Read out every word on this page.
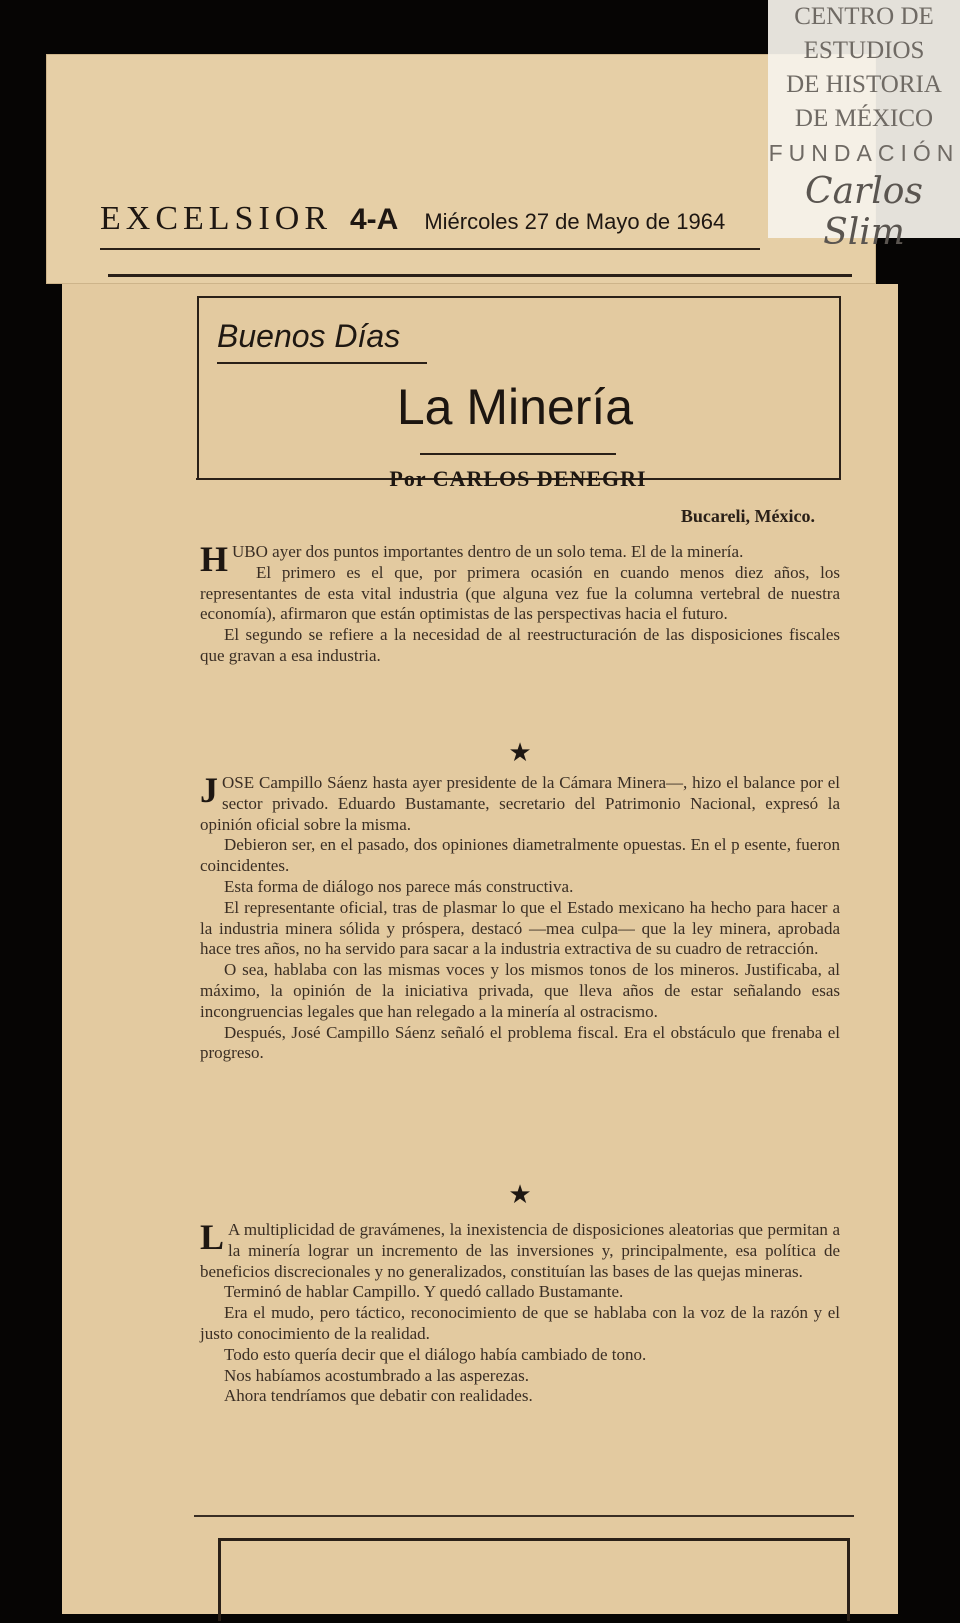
EXCELSIOR 4-A Miércoles 27 de Mayo de 1964
CENTRO DE
ESTUDIOS
DE HISTORIA
DE MÉXICO
FUNDACIÓN
Carlos Slim
Buenos Días
La Minería
Por CARLOS DENEGRI
Bucareli, México.

HUBO ayer dos puntos importantes dentro de un solo tema. El de la minería.

El primero es el que, por primera ocasión en cuando menos diez años, los representantes de esta vital industria (que alguna vez fue la columna vertebral de nuestra economía), afirmaron que están optimistas de las perspectivas hacia el futuro.

El segundo se refiere a la necesidad de al reestructuración de las disposiciones fiscales que gravan a esa industria.

★

JOSE Campillo Sáenz hasta ayer presidente de la Cámara Minera—, hizo el balance por el sector privado. Eduardo Bustamante, secretario del Patrimonio Nacional, expresó la opinión oficial sobre la misma.

Debieron ser, en el pasado, dos opiniones diametralmente opuestas. En el p esente, fueron coincidentes.

Esta forma de diálogo nos parece más constructiva.

El representante oficial, tras de plasmar lo que el Estado mexicano ha hecho para hacer a la industria minera sólida y próspera, destacó —mea culpa— que la ley minera, aprobada hace tres años, no ha servido para sacar a la industria extractiva de su cuadro de retracción.

O sea, hablaba con las mismas voces y los mismos tonos de los mineros. Justificaba, al máximo, la opinión de la iniciativa privada, que lleva años de estar señalando esas incongruencias legales que han relegado a la minería al ostracismo.

Después, José Campillo Sáenz señaló el problema fiscal. Era el obstáculo que frenaba el progreso.

★

LA multiplicidad de gravámenes, la inexistencia de disposiciones aleatorias que permitan a la minería lograr un incremento de las inversiones y, principalmente, esa política de beneficios discrecionales y no generalizados, constituían las bases de las quejas mineras.

Terminó de hablar Campillo. Y quedó callado Bustamante.

Era el mudo, pero táctico, reconocimiento de que se hablaba con la voz de la razón y el justo conocimiento de la realidad.

Todo esto quería decir que el diálogo había cambiado de tono.

Nos habíamos acostumbrado a las asperezas.

Ahora tendríamos que debatir con realidades.
